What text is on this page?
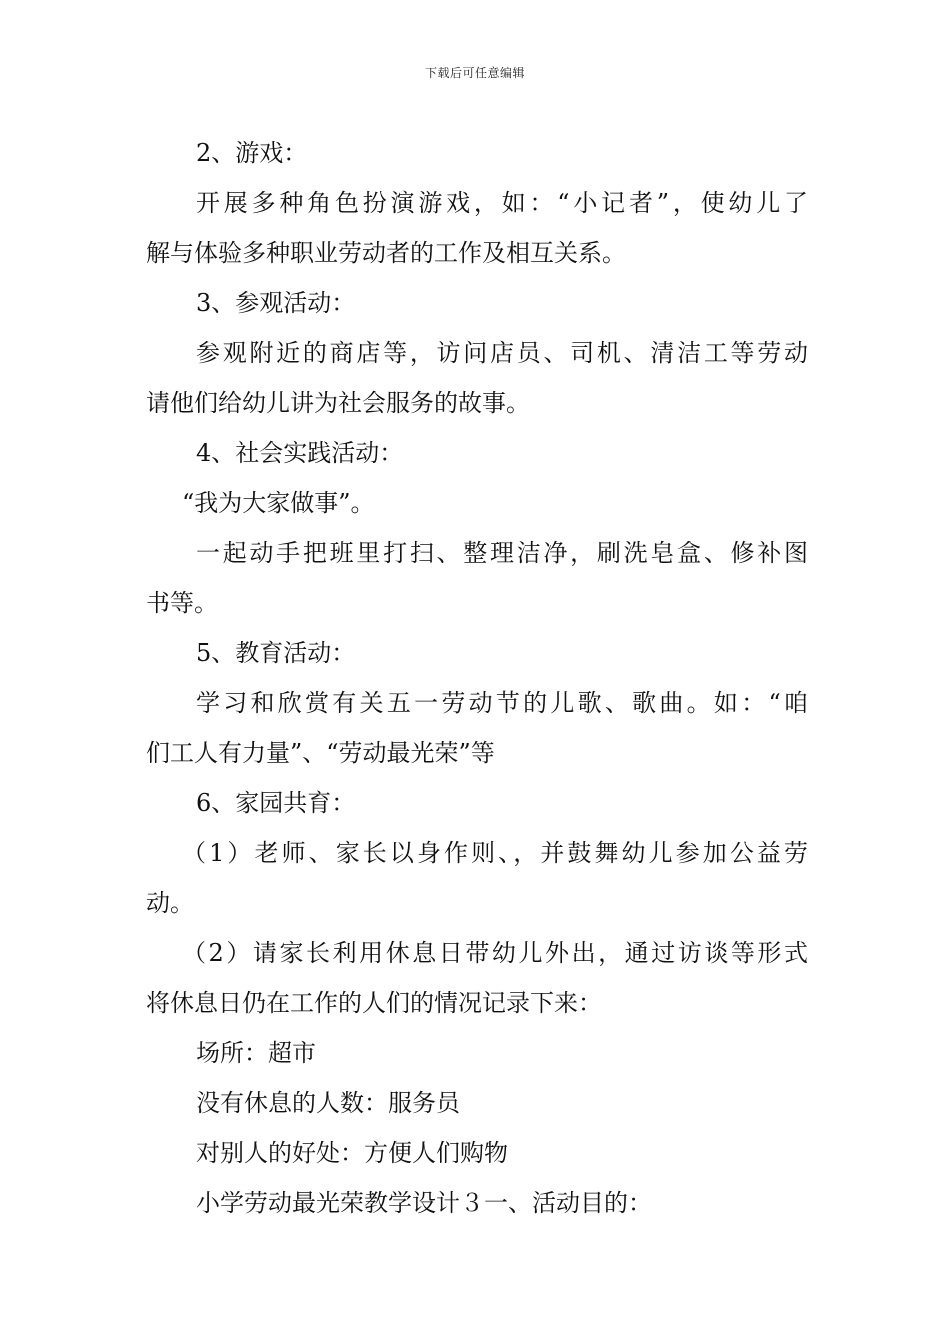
下载后可任意编辑
2、游戏：
开展多种角色扮演游戏，如：“小记者”，使幼儿了
解与体验多种职业劳动者的工作及相互关系。
3、参观活动：
参观附近的商店等，访问店员、司机、清洁工等劳动
请他们给幼儿讲为社会服务的故事。
4、社会实践活动：
“我为大家做事”。
一起动手把班里打扫、整理洁净，刷洗皂盒、修补图
书等。
5、教育活动：
学习和欣赏有关五一劳动节的儿歌、歌曲。如：“咱
们工人有力量”、“劳动最光荣”等
6、家园共育：
（1）老师、家长以身作则、，并鼓舞幼儿参加公益劳
动。
（2）请家长利用休息日带幼儿外出，通过访谈等形式
将休息日仍在工作的人们的情况记录下来：
场所：超市
没有休息的人数：服务员
对别人的好处：方便人们购物
小学劳动最光荣教学设计３一、活动目的：
